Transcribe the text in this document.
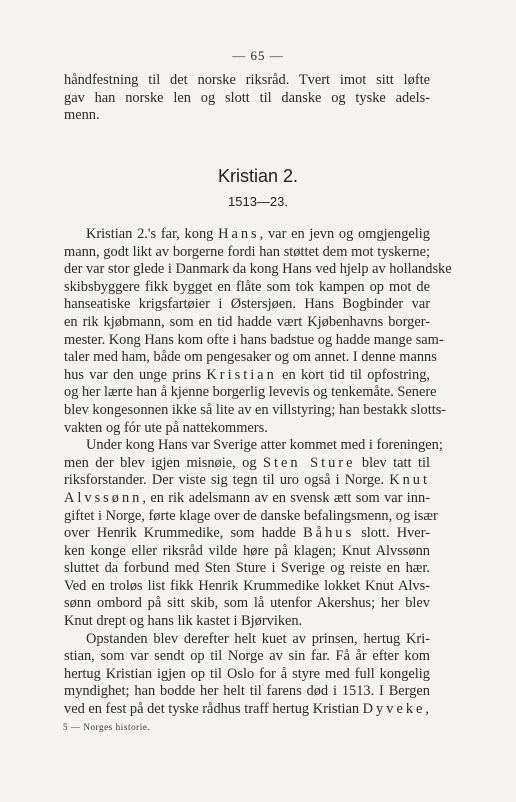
— 65 —
håndfestning til det norske riksråd. Tvert imot sitt løfte
gav han norske len og slott til danske og tyske adels-
menn.
Kristian 2.
1513—23.
Kristian 2.'s far, kong Hans, var en jevn og omgjengelig
mann, godt likt av borgerne fordi han støttet dem mot tyskerne;
der var stor glede i Danmark da kong Hans ved hjelp av hollandske
skibsbyggere fikk bygget en flåte som tok kampen op mot de
hanseatiske krigsfartøier i Østersjøen. Hans Bogbinder var
en rik kjøbmann, som en tid hadde vært Kjøbenhavns borger-
mester. Kong Hans kom ofte i hans badstue og hadde mange sam-
taler med ham, både om pengesaker og om annet. I denne manns
hus var den unge prins Kristian en kort tid til opfostring,
og her lærte han å kjenne borgerlig levevis og tenkemåte. Senere
blev kongesonnen ikke så lite av en villstyring; han bestakk slotts-
vakten og fór ute på nattekommers.
Under kong Hans var Sverige atter kommet med i foreningen;
men der blev igjen misnøie, og Sten Sture blev tatt til
riksforstander. Der viste sig tegn til uro også i Norge. Knut
Alvssønn, en rik adelsmann av en svensk ætt som var inn-
giftet i Norge, førte klage over de danske befalingsmenn, og især
over Henrik Krummedike, som hadde Båhus slott. Hver-
ken konge eller riksråd vilde høre på klagen; Knut Alvssønn
sluttet da forbund med Sten Sture i Sverige og reiste en hær.
Ved en troløs list fikk Henrik Krummedike lokket Knut Alvs-
sønn ombord på sitt skib, som lå utenfor Akershus; her blev
Knut drept og hans lik kastet i Bjørviken.
Opstanden blev derefter helt kuet av prinsen, hertug Kri-
stian, som var sendt op til Norge av sin far. Få år efter kom
hertug Kristian igjen op til Oslo for å styre med full kongelig
myndighet; han bodde her helt til farens død i 1513. I Bergen
ved en fest på det tyske rådhus traff hertug Kristian Dyveke,
5 — Norges historie.
